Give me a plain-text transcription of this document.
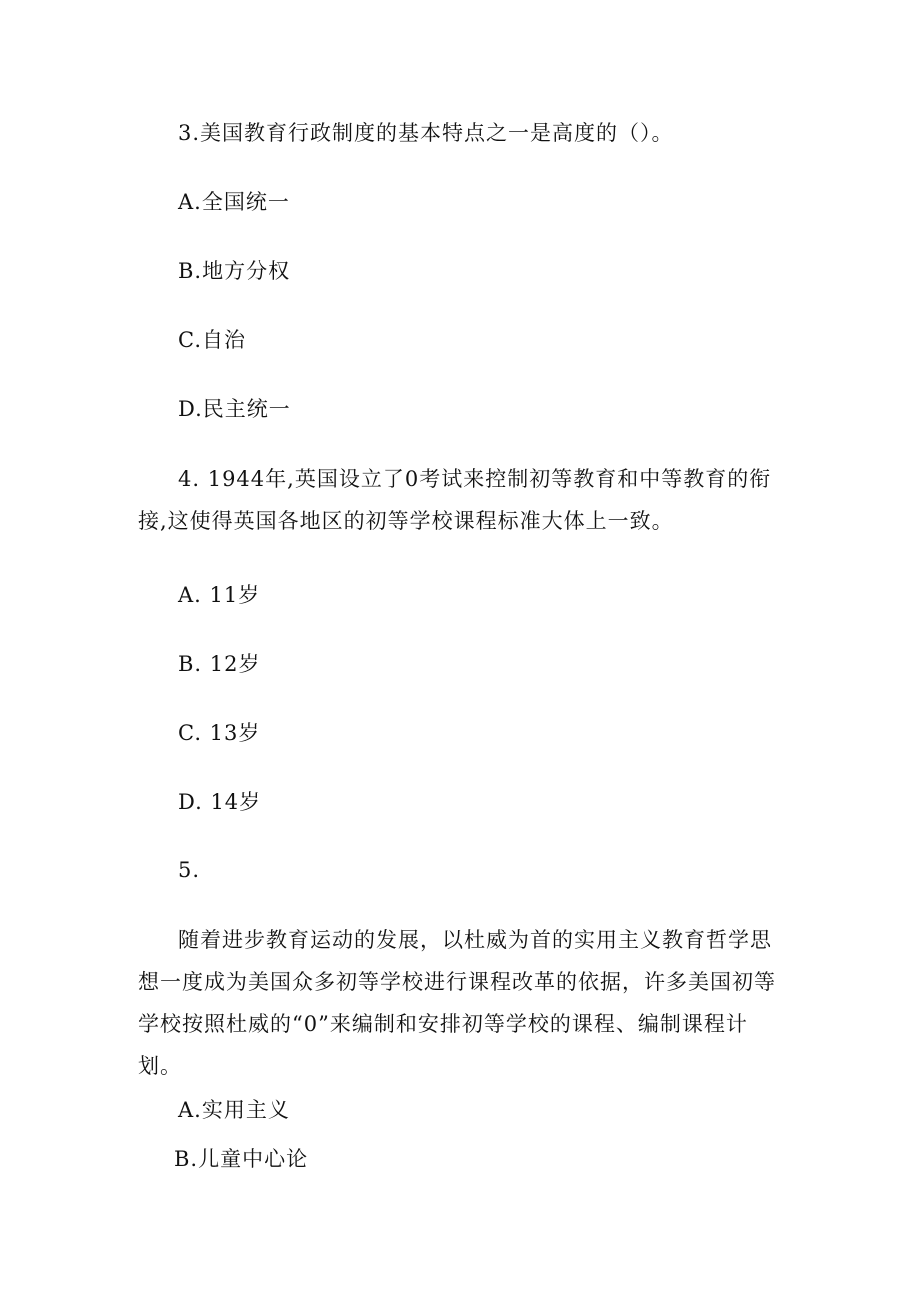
3.美国教育行政制度的基本特点之一是高度的（）。
A.全国统一
B.地方分权
C.自治
D.民主统一
4. 1944年,英国设立了0考试来控制初等教育和中等教育的衔接,这使得英国各地区的初等学校课程标准大体上一致。
A. 11岁
B. 12岁
C. 13岁
D. 14岁
5.
随着进步教育运动的发展，以杜威为首的实用主义教育哲学思想一度成为美国众多初等学校进行课程改革的依据，许多美国初等学校按照杜威的“0”来编制和安排初等学校的课程、编制课程计划。
A.实用主义
B.儿童中心论
